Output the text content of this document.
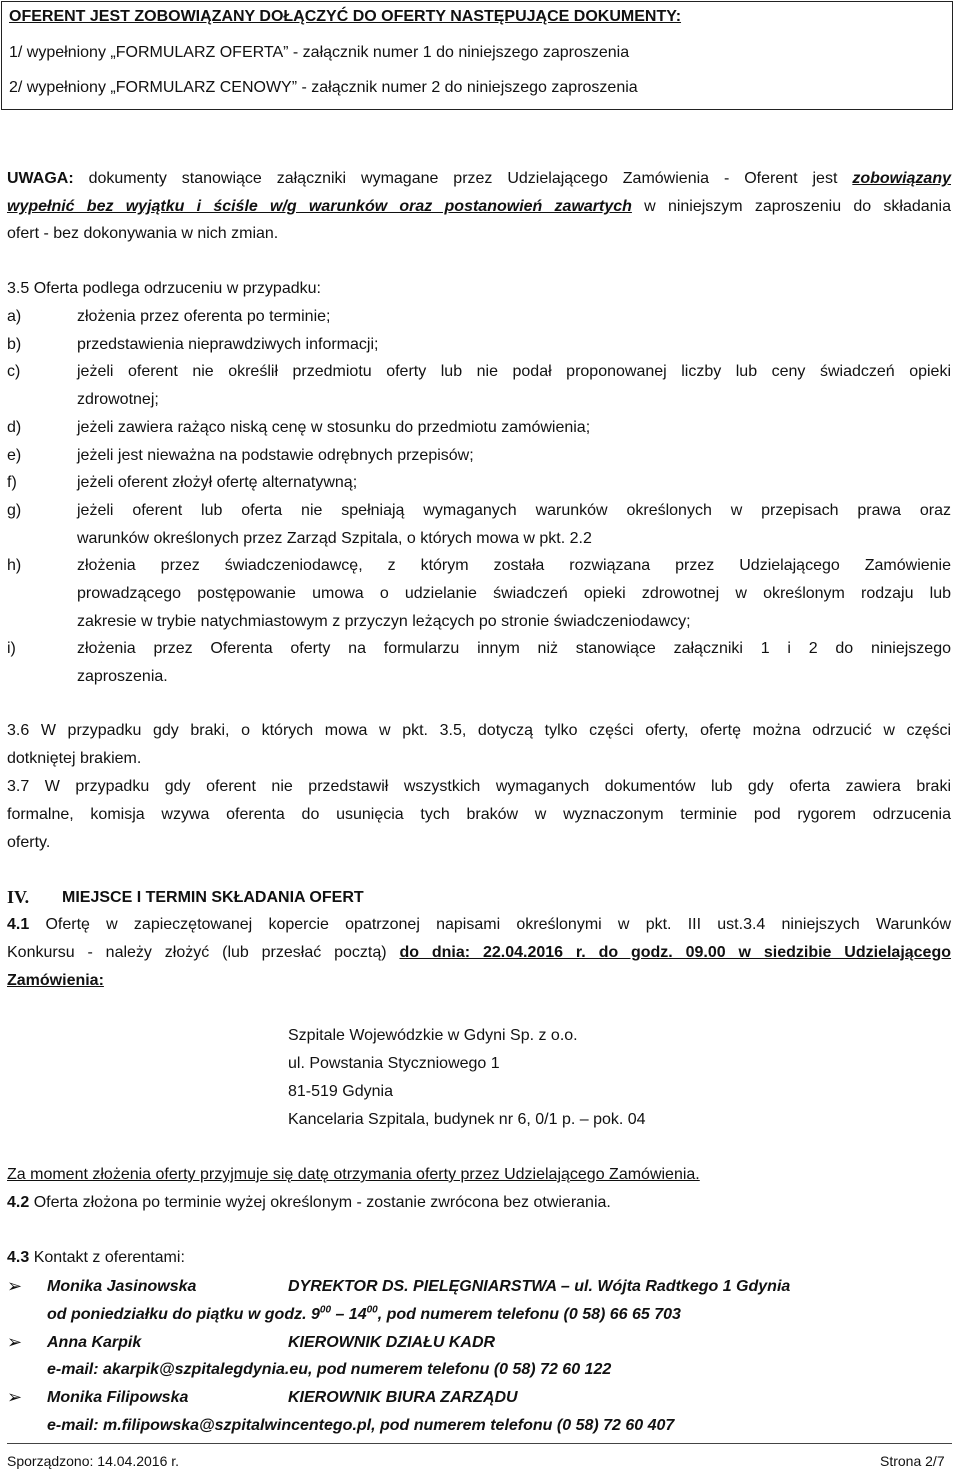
OFERENT JEST ZOBOWIĄZANY DOŁĄCZYĆ DO OFERTY NASTĘPUJĄCE DOKUMENTY:
1/ wypełniony „FORMULARZ OFERTA” - załącznik numer 1 do niniejszego zaproszenia
2/ wypełniony „FORMULARZ CENOWY” - załącznik numer 2 do niniejszego zaproszenia
UWAGA: dokumenty stanowiące załączniki wymagane przez Udzielającego Zamówienia - Oferent jest zobowiązany
wypełnić bez wyjątku i ściśle w/g warunków oraz postanowień zawartych w niniejszym zaproszeniu do składania
ofert - bez dokonywania w nich zmian.
3.5 Oferta podlega odrzuceniu w przypadku:
a)	złożenia przez oferenta po terminie;
b)	przedstawienia nieprawdziwych informacji;
c)	jeżeli oferent nie określił przedmiotu oferty lub nie podał proponowanej liczby lub ceny świadczeń opieki
zdrowotnej;
d)	jeżeli zawiera rażąco niską cenę w stosunku do przedmiotu zamówienia;
e)	jeżeli jest nieważna na podstawie odrębnych przepisów;
f)	jeżeli oferent złożył ofertę alternatywną;
g)	jeżeli oferent lub oferta nie spełniają wymaganych warunków określonych w przepisach prawa oraz
warunków określonych przez Zarząd Szpitala, o których mowa w pkt. 2.2
h)	złożenia przez świadczeniodawcę, z którym została rozwiązana przez Udzielającego Zamówienie
prowadzącego postępowanie umowa o udzielanie świadczeń opieki zdrowotnej w określonym rodzaju lub
zakresie w trybie natychmiastowym z przyczyn leżących po stronie świadczeniodawcy;
i)	złożenia przez Oferenta oferty na formularzu innym niż stanowiące załączniki 1 i 2 do niniejszego
zaproszenia.
3.6 W przypadku gdy braki, o których mowa w pkt. 3.5, dotyczą tylko części oferty, ofertę można odrzucić w części
dotkniętej brakiem.
3.7 W przypadku gdy oferent nie przedstawił wszystkich wymaganych dokumentów lub gdy oferta zawiera braki
formalne, komisja wzywa oferenta do usunięcia tych braków w wyznaczonym terminie pod rygorem odrzucenia
oferty.
IV. MIEJSCE I TERMIN SKŁADANIA OFERT
4.1 Ofertę w zapieczętowanej kopercie opatrzonej napisami określonymi w pkt. III ust.3.4 niniejszych Warunków
Konkursu - należy złożyć (lub przesłać pocztą) do dnia: 22.04.2016 r. do godz. 09.00 w siedzibie Udzielającego
Zamówienia:
Szpitale Wojewódzkie w Gdyni Sp. z o.o.
ul. Powstania Styczniowego 1
81-519 Gdynia
Kancelaria Szpitala, budynek nr 6, 0/1 p. – pok. 04
Za moment złożenia oferty przyjmuje się datę otrzymania oferty przez Udzielającego Zamówienia.
4.2 Oferta złożona po terminie wyżej określonym - zostanie zwrócona bez otwierania.
4.3 Kontakt z oferentami:
➢ Monika Jasinowska	DYREKTOR DS. PIELĘGNIARSTWA – ul. Wójta Radtkego 1 Gdynia
od poniedziałku do piątku w godz. $9^{00} - 14^{00}$, pod numerem telefonu (0 58) 66 65 703
➢ Anna Karpik	KIEROWNIK DZIAŁU KADR
e-mail: akarpik@szpitalegdynia.eu, pod numerem telefonu (0 58) 72 60 122
➢ Monika Filipowska	KIEROWNIK BIURA ZARZĄDU
e-mail: m.filipowska@szpitalwincentego.pl, pod numerem telefonu (0 58) 72 60 407
Sporządzono: 14.04.2016 r.	Strona 2/7
